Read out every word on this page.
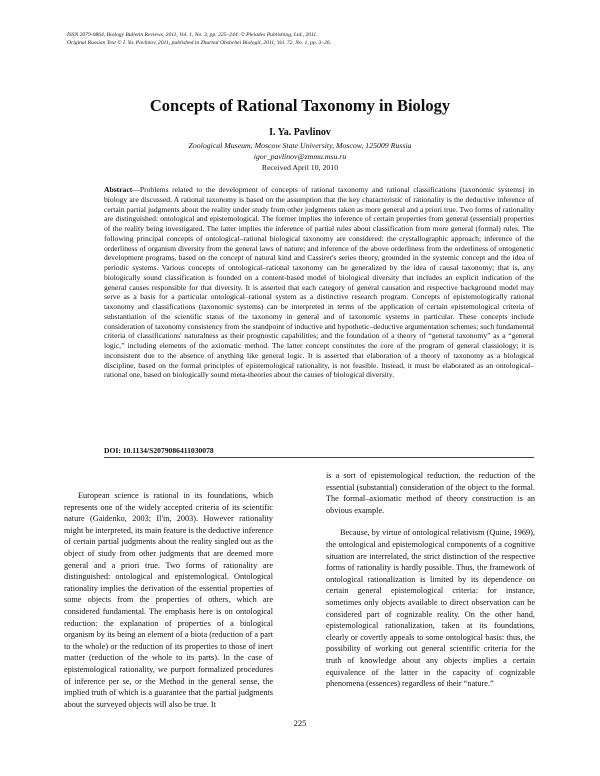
ISSN 2079-0864, Biology Bulletin Reviews, 2011, Vol. 1, No. 3, pp. 225–244. © Pleiades Publishing, Ltd., 2011.
Original Russian Text © I. Ya. Pavlinov, 2011, published in Zhurnal Obshchei Biologii, 2011, Vol. 72, No. 1, pp. 3–26.
Concepts of Rational Taxonomy in Biology
I. Ya. Pavlinov
Zoological Museum, Moscow State University, Moscow, 125009 Russia
igor_pavlinov@zmmu.msu.ru
Received April 10, 2010
Abstract—Problems related to the development of concepts of rational taxonomy and rational classifications (taxonomic systems) in biology are discussed. A rational taxonomy is based on the assumption that the key characteristic of rationality is the deductive inference of certain partial judgments about the reality under study from other judgments taken as more general and a priori true. Two forms of rationality are distinguished: ontological and epistemological. The former implies the inference of certain properties from general (essential) properties of the reality being investigated. The latter implies the inference of partial rules about classification from more general (formal) rules. The following principal concepts of ontological–rational biological taxonomy are considered: the crystallographic approach; inference of the orderliness of organism diversity from the general laws of nature; and inference of the above orderliness from the orderliness of ontogenetic development programs, based on the concept of natural kind and Cassirer's series theory, grounded in the systemic concept and the idea of periodic systems. Various concepts of ontological–rational taxonomy can be generalized by the idea of causal taxonomy; that is, any biologically sound classification is founded on a content-based model of biological diversity that includes an explicit indication of the general causes responsible for that diversity. It is asserted that each category of general causation and respective background model may serve as a basis for a particular ontological–rational system as a distinctive research program. Concepts of epistemologically rational taxonomy and classifications (taxonomic systems) can be interpreted in terms of the application of certain epistemological criteria of substantiation of the scientific status of the taxonomy in general and of taxonomic systems in particular. These concepts include consideration of taxonomy consistency from the standpoint of inductive and hypothetic–deductive argumentation schemes; such fundamental criteria of classifications' naturalness as their prognostic capabilities; and the foundation of a theory of “general taxonomy” as a “general logic,” including elements of the axiomatic method. The latter concept constitutes the core of the program of general classiology; it is inconsistent due to the absence of anything like general logic. It is asserted that elaboration of a theory of taxonomy as a biological discipline, based on the formal principles of epistemological rationality, is not feasible. Instead, it must be elaborated as an ontological–rational one, based on biologically sound meta-theories about the causes of biological diversity.
DOI: 10.1134/S2079086411030078

European science is rational in its foundations, which represents one of the widely accepted criteria of its scientific nature (Gaidenko, 2003; Il'in, 2003). However rationality might be interpreted, its main feature is the deductive inference of certain partial judgments about the reality singled out as the object of study from other judgments that are deemed more general and a priori true. Two forms of rationality are distinguished: ontological and epistemological. Ontological rationality implies the derivation of the essential properties of some objects from the properties of others, which are considered fundamental. The emphasis here is on ontological reduction: the explanation of properties of a biological organism by its being an element of a biota (reduction of a part to the whole) or the reduction of its properties to those of inert matter (reduction of the whole to its parts). In the case of epistemological rationality, we purport formalized procedures of inference per se, or the Method in the general sense, the implied truth of which is a guarantee that the partial judgments about the surveyed objects will also be true. It

is a sort of epistemological reduction, the reduction of the essential (substantial) consideration of the object to the formal. The formal–axiomatic method of theory construction is an obvious example.

Because, by virtue of ontological relativism (Quine, 1969), the ontological and epistemological components of a cognitive situation are interrelated, the strict distinction of the respective forms of rationality is hardly possible. Thus, the framework of ontological rationalization is limited by its dependence on certain general epistemological criteria: for instance, sometimes only objects available to direct observation can be considered part of cognizable reality. On the other hand, epistemological rationalization, taken at its foundations, clearly or covertly appeals to some ontological basis: thus, the possibility of working out general scientific criteria for the truth of knowledge about any objects implies a certain equivalence of the latter in the capacity of cognizable phenomena (essences) regardless of their “nature.”

225
